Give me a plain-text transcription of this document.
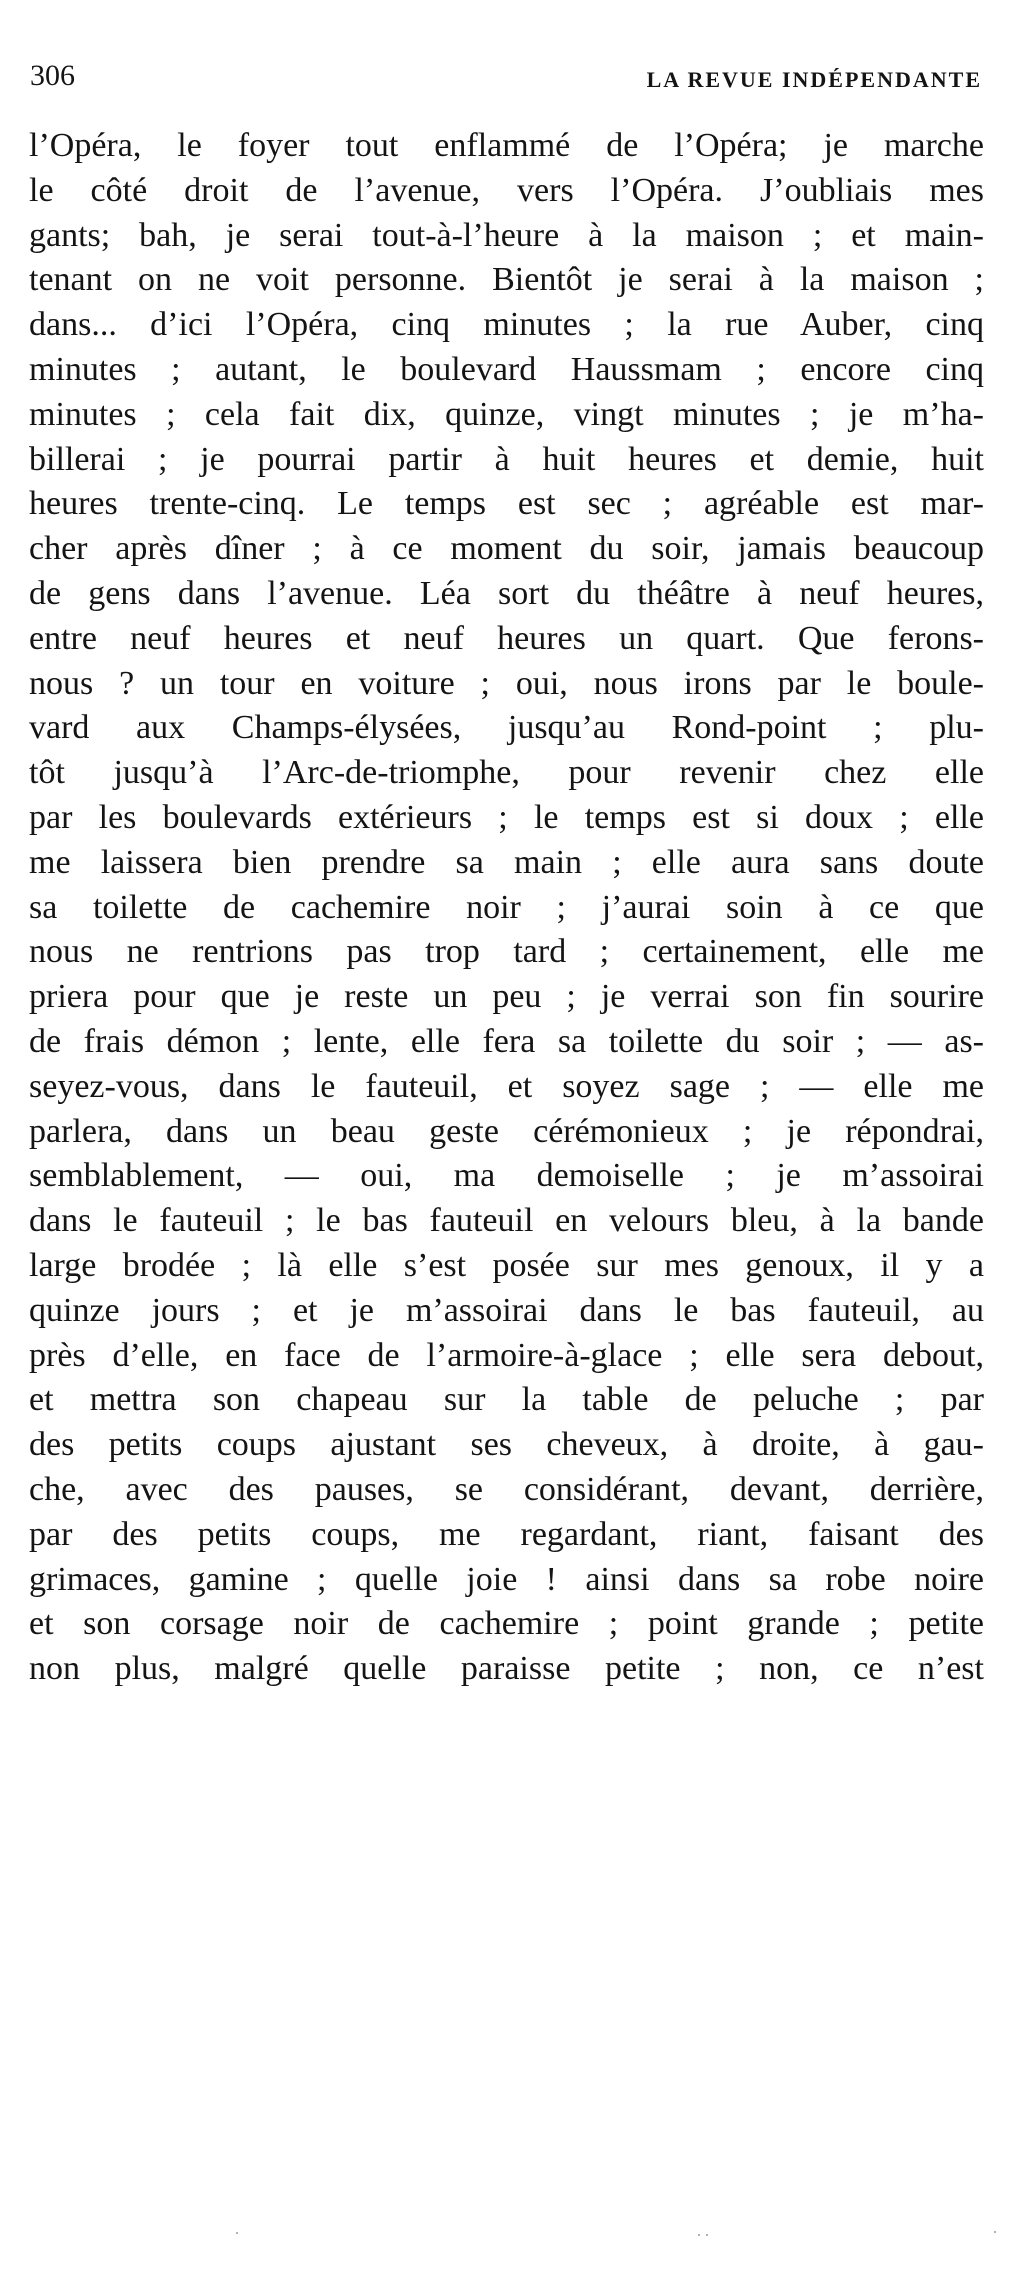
306	LA REVUE INDÉPENDANTE
l’Opéra, le foyer tout enflammé de l’Opéra; je marche
le côté droit de l’avenue, vers l’Opéra. J’oubliais mes
gants; bah, je serai tout-à-l’heure à la maison ; et main-
tenant on ne voit personne. Bientôt je serai à la maison ;
dans... d’ici l’Opéra, cinq minutes ; la rue Auber, cinq
minutes ; autant, le boulevard Haussmam ; encore cinq
minutes ; cela fait dix, quinze, vingt minutes ; je m’ha-
billerai ; je pourrai partir à huit heures et demie, huit
heures trente-cinq. Le temps est sec ; agréable est mar-
cher après dîner ; à ce moment du soir, jamais beaucoup
de gens dans l’avenue. Léa sort du théâtre à neuf heures,
entre neuf heures et neuf heures un quart. Que ferons-
nous ? un tour en voiture ; oui, nous irons par le boule-
vard aux Champs-élysées, jusqu’au Rond-point ; plu-
tôt jusqu’à l’Arc-de-triomphe, pour revenir chez elle
par les boulevards extérieurs ; le temps est si doux ; elle
me laissera bien prendre sa main ; elle aura sans doute
sa toilette de cachemire noir ; j’aurai soin à ce que
nous ne rentrions pas trop tard ; certainement, elle me
priera pour que je reste un peu ; je verrai son fin sourire
de frais démon ; lente, elle fera sa toilette du soir ; — as-
seyez-vous, dans le fauteuil, et soyez sage ; — elle me
parlera, dans un beau geste cérémonieux ; je répondrai,
semblablement, — oui, ma demoiselle ; je m’assoirai
dans le fauteuil ; le bas fauteuil en velours bleu, à la bande
large brodée ; là elle s’est posée sur mes genoux, il y a
quinze jours ; et je m’assoirai dans le bas fauteuil, au
près d’elle, en face de l’armoire-à-glace ; elle sera debout,
et mettra son chapeau sur la table de peluche ; par
des petits coups ajustant ses cheveux, à droite, à gau-
che, avec des pauses, se considérant, devant, derrière,
par des petits coups, me regardant, riant, faisant des
grimaces, gamine ; quelle joie ! ainsi dans sa robe noire
et son corsage noir de cachemire ; point grande ; petite
non plus, malgré quelle paraisse petite ; non, ce n’est
